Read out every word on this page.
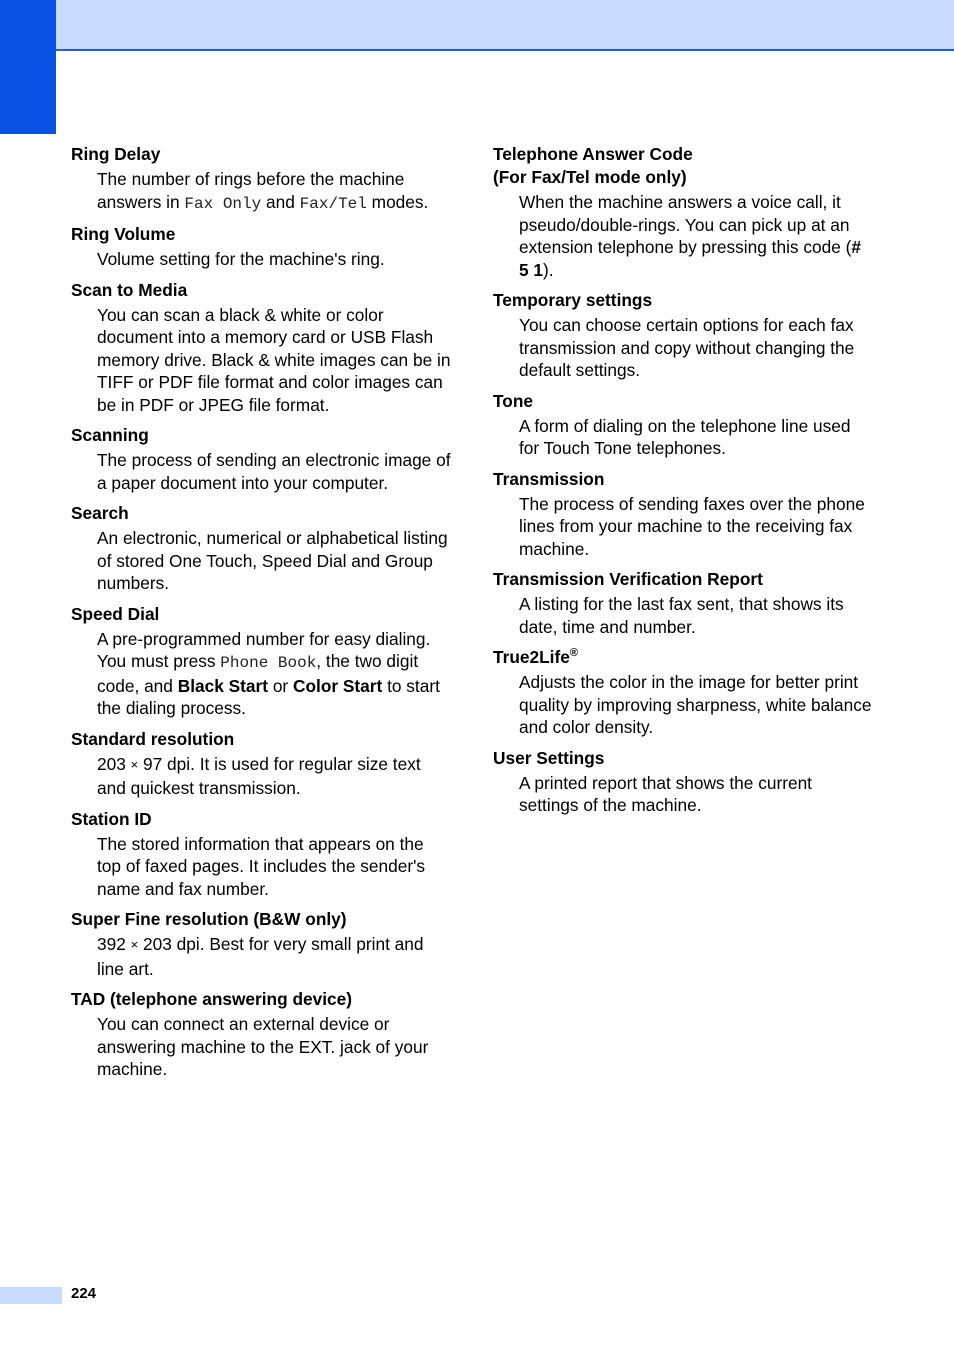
Ring Delay
The number of rings before the machine answers in Fax Only and Fax/Tel modes.
Ring Volume
Volume setting for the machine's ring.
Scan to Media
You can scan a black & white or color document into a memory card or USB Flash memory drive. Black & white images can be in TIFF or PDF file format and color images can be in PDF or JPEG file format.
Scanning
The process of sending an electronic image of a paper document into your computer.
Search
An electronic, numerical or alphabetical listing of stored One Touch, Speed Dial and Group numbers.
Speed Dial
A pre-programmed number for easy dialing. You must press Phone Book, the two digit code, and Black Start or Color Start to start the dialing process.
Standard resolution
203 × 97 dpi. It is used for regular size text and quickest transmission.
Station ID
The stored information that appears on the top of faxed pages. It includes the sender's name and fax number.
Super Fine resolution (B&W only)
392 × 203 dpi. Best for very small print and line art.
TAD (telephone answering device)
You can connect an external device or answering machine to the EXT. jack of your machine.
Telephone Answer Code
(For Fax/Tel mode only)
When the machine answers a voice call, it pseudo/double-rings. You can pick up at an extension telephone by pressing this code (# 5 1).
Temporary settings
You can choose certain options for each fax transmission and copy without changing the default settings.
Tone
A form of dialing on the telephone line used for Touch Tone telephones.
Transmission
The process of sending faxes over the phone lines from your machine to the receiving fax machine.
Transmission Verification Report
A listing for the last fax sent, that shows its date, time and number.
True2Life®
Adjusts the color in the image for better print quality by improving sharpness, white balance and color density.
User Settings
A printed report that shows the current settings of the machine.
224
